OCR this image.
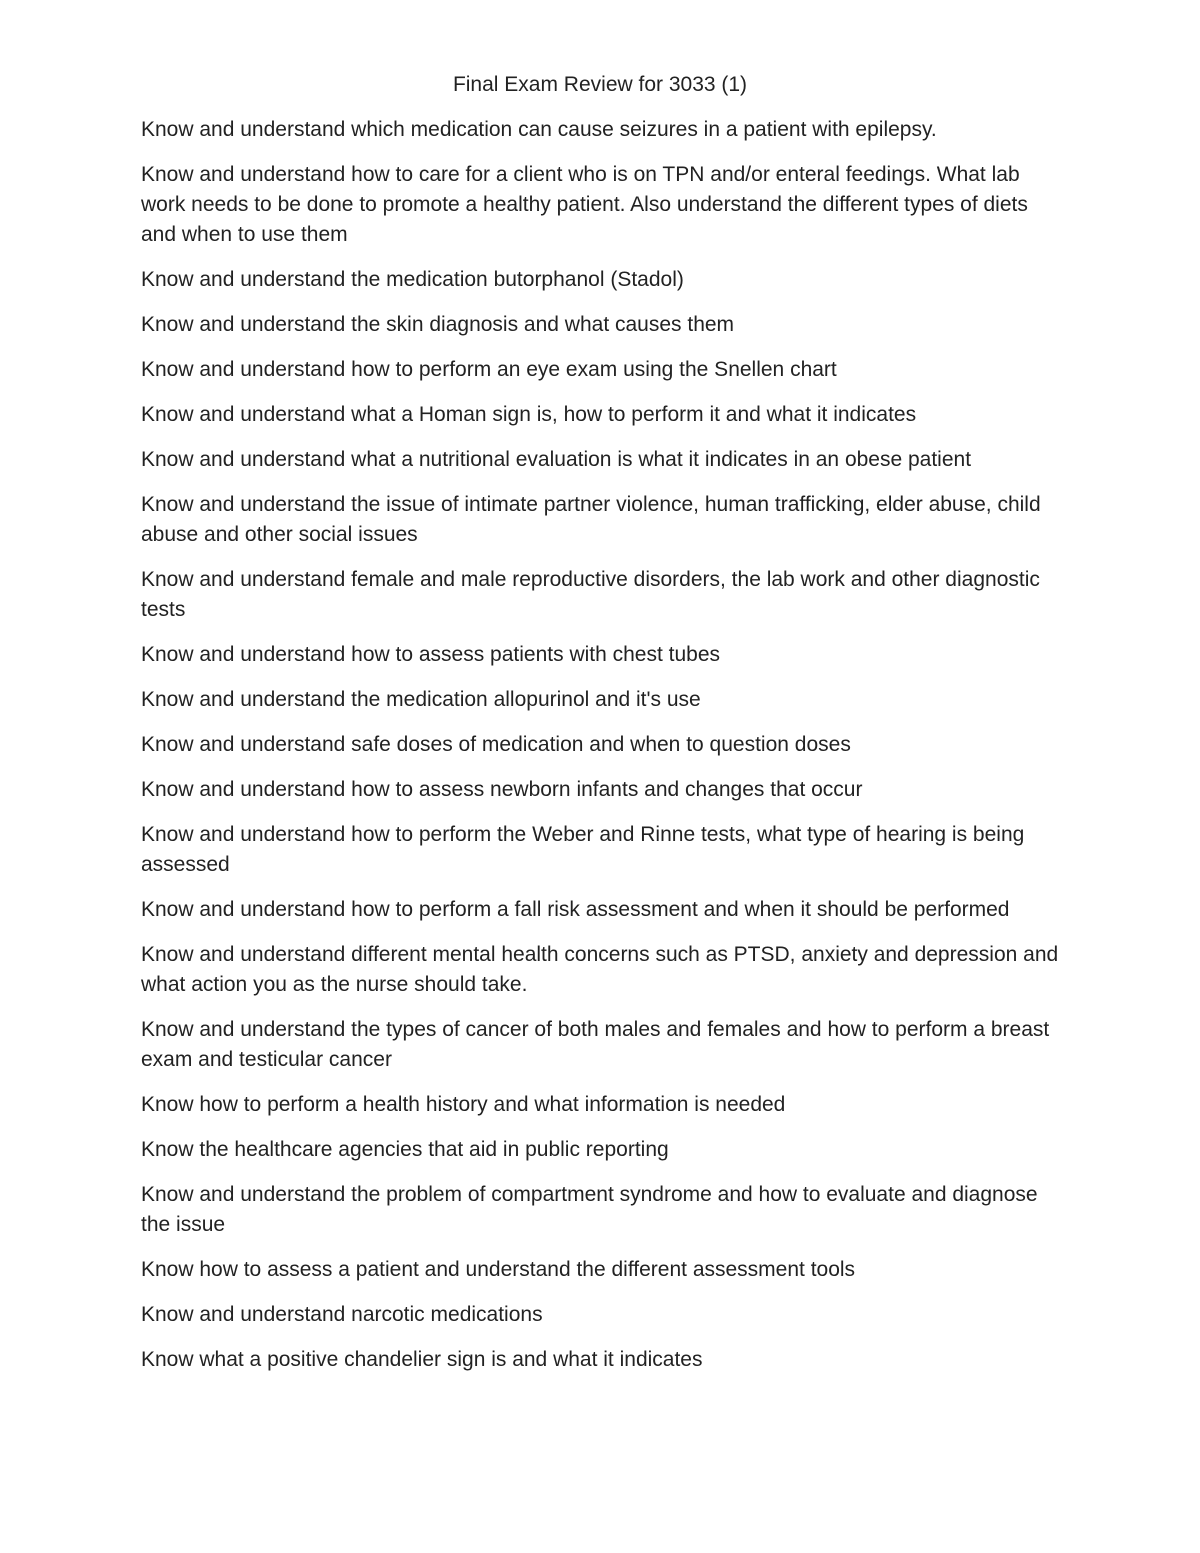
Final Exam Review for 3033 (1)
Know and understand which medication can cause seizures in a patient with epilepsy.
Know and understand how to care for a client who is on TPN and/or enteral feedings. What lab work needs to be done to promote a healthy patient. Also understand the different types of diets and when to use them
Know and understand the medication butorphanol (Stadol)
Know and understand the skin diagnosis and what causes them
Know and understand how to perform an eye exam using the Snellen chart
Know and understand what a Homan sign is, how to perform it and what it indicates
Know and understand what a nutritional evaluation is what it indicates in an obese patient
Know and understand the issue of intimate partner violence, human trafficking, elder abuse, child abuse and other social issues
Know and understand female and male reproductive disorders, the lab work and other diagnostic tests
Know and understand how to assess patients with chest tubes
Know and understand the medication allopurinol and it's use
Know and understand safe doses of medication and when to question doses
Know and understand how to assess newborn infants and changes that occur
Know and understand how to perform the Weber and Rinne tests, what type of hearing is being assessed
Know and understand how to perform a fall risk assessment and when it should be performed
Know and understand different mental health concerns such as PTSD, anxiety and depression and what action you as the nurse should take.
Know and understand the types of cancer of both males and females and how to perform a breast exam and testicular cancer
Know how to perform a health history and what information is needed
Know the healthcare agencies that aid in public reporting
Know and understand the problem of compartment syndrome and how to evaluate and diagnose the issue
Know how to assess a patient and understand the different assessment tools
Know and understand narcotic medications
Know what a positive chandelier sign is and what it indicates
